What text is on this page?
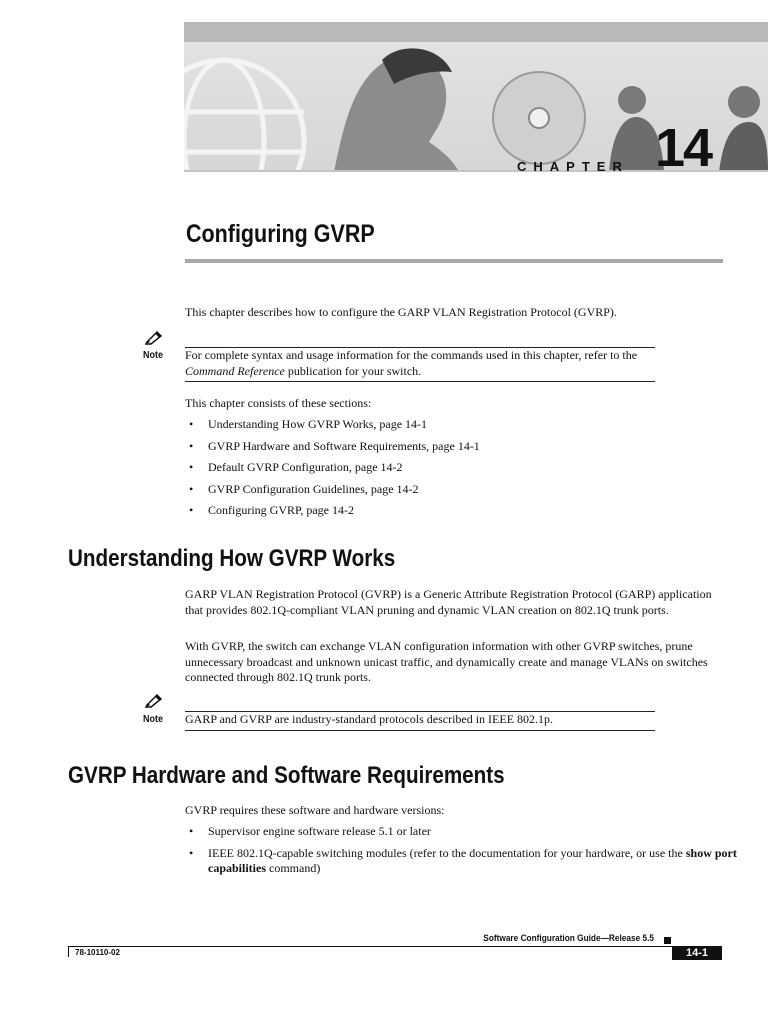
CHAPTER 14
Configuring GVRP

This chapter describes how to configure the GARP VLAN Registration Protocol (GVRP).

Note For complete syntax and usage information for the commands used in this chapter, refer to the Command Reference publication for your switch.

This chapter consists of these sections:

• Understanding How GVRP Works, page 14-1
• GVRP Hardware and Software Requirements, page 14-1
• Default GVRP Configuration, page 14-2
• GVRP Configuration Guidelines, page 14-2
• Configuring GVRP, page 14-2
Understanding How GVRP Works

GARP VLAN Registration Protocol (GVRP) is a Generic Attribute Registration Protocol (GARP) application that provides 802.1Q-compliant VLAN pruning and dynamic VLAN creation on 802.1Q trunk ports.

With GVRP, the switch can exchange VLAN configuration information with other GVRP switches, prune unnecessary broadcast and unknown unicast traffic, and dynamically create and manage VLANs on switches connected through 802.1Q trunk ports.

Note GARP and GVRP are industry-standard protocols described in IEEE 802.1p.
GVRP Hardware and Software Requirements

GVRP requires these software and hardware versions:

• Supervisor engine software release 5.1 or later
• IEEE 802.1Q-capable switching modules (refer to the documentation for your hardware, or use the show port capabilities command)
Software Configuration Guide—Release 5.5
78-10110-02	14-1
